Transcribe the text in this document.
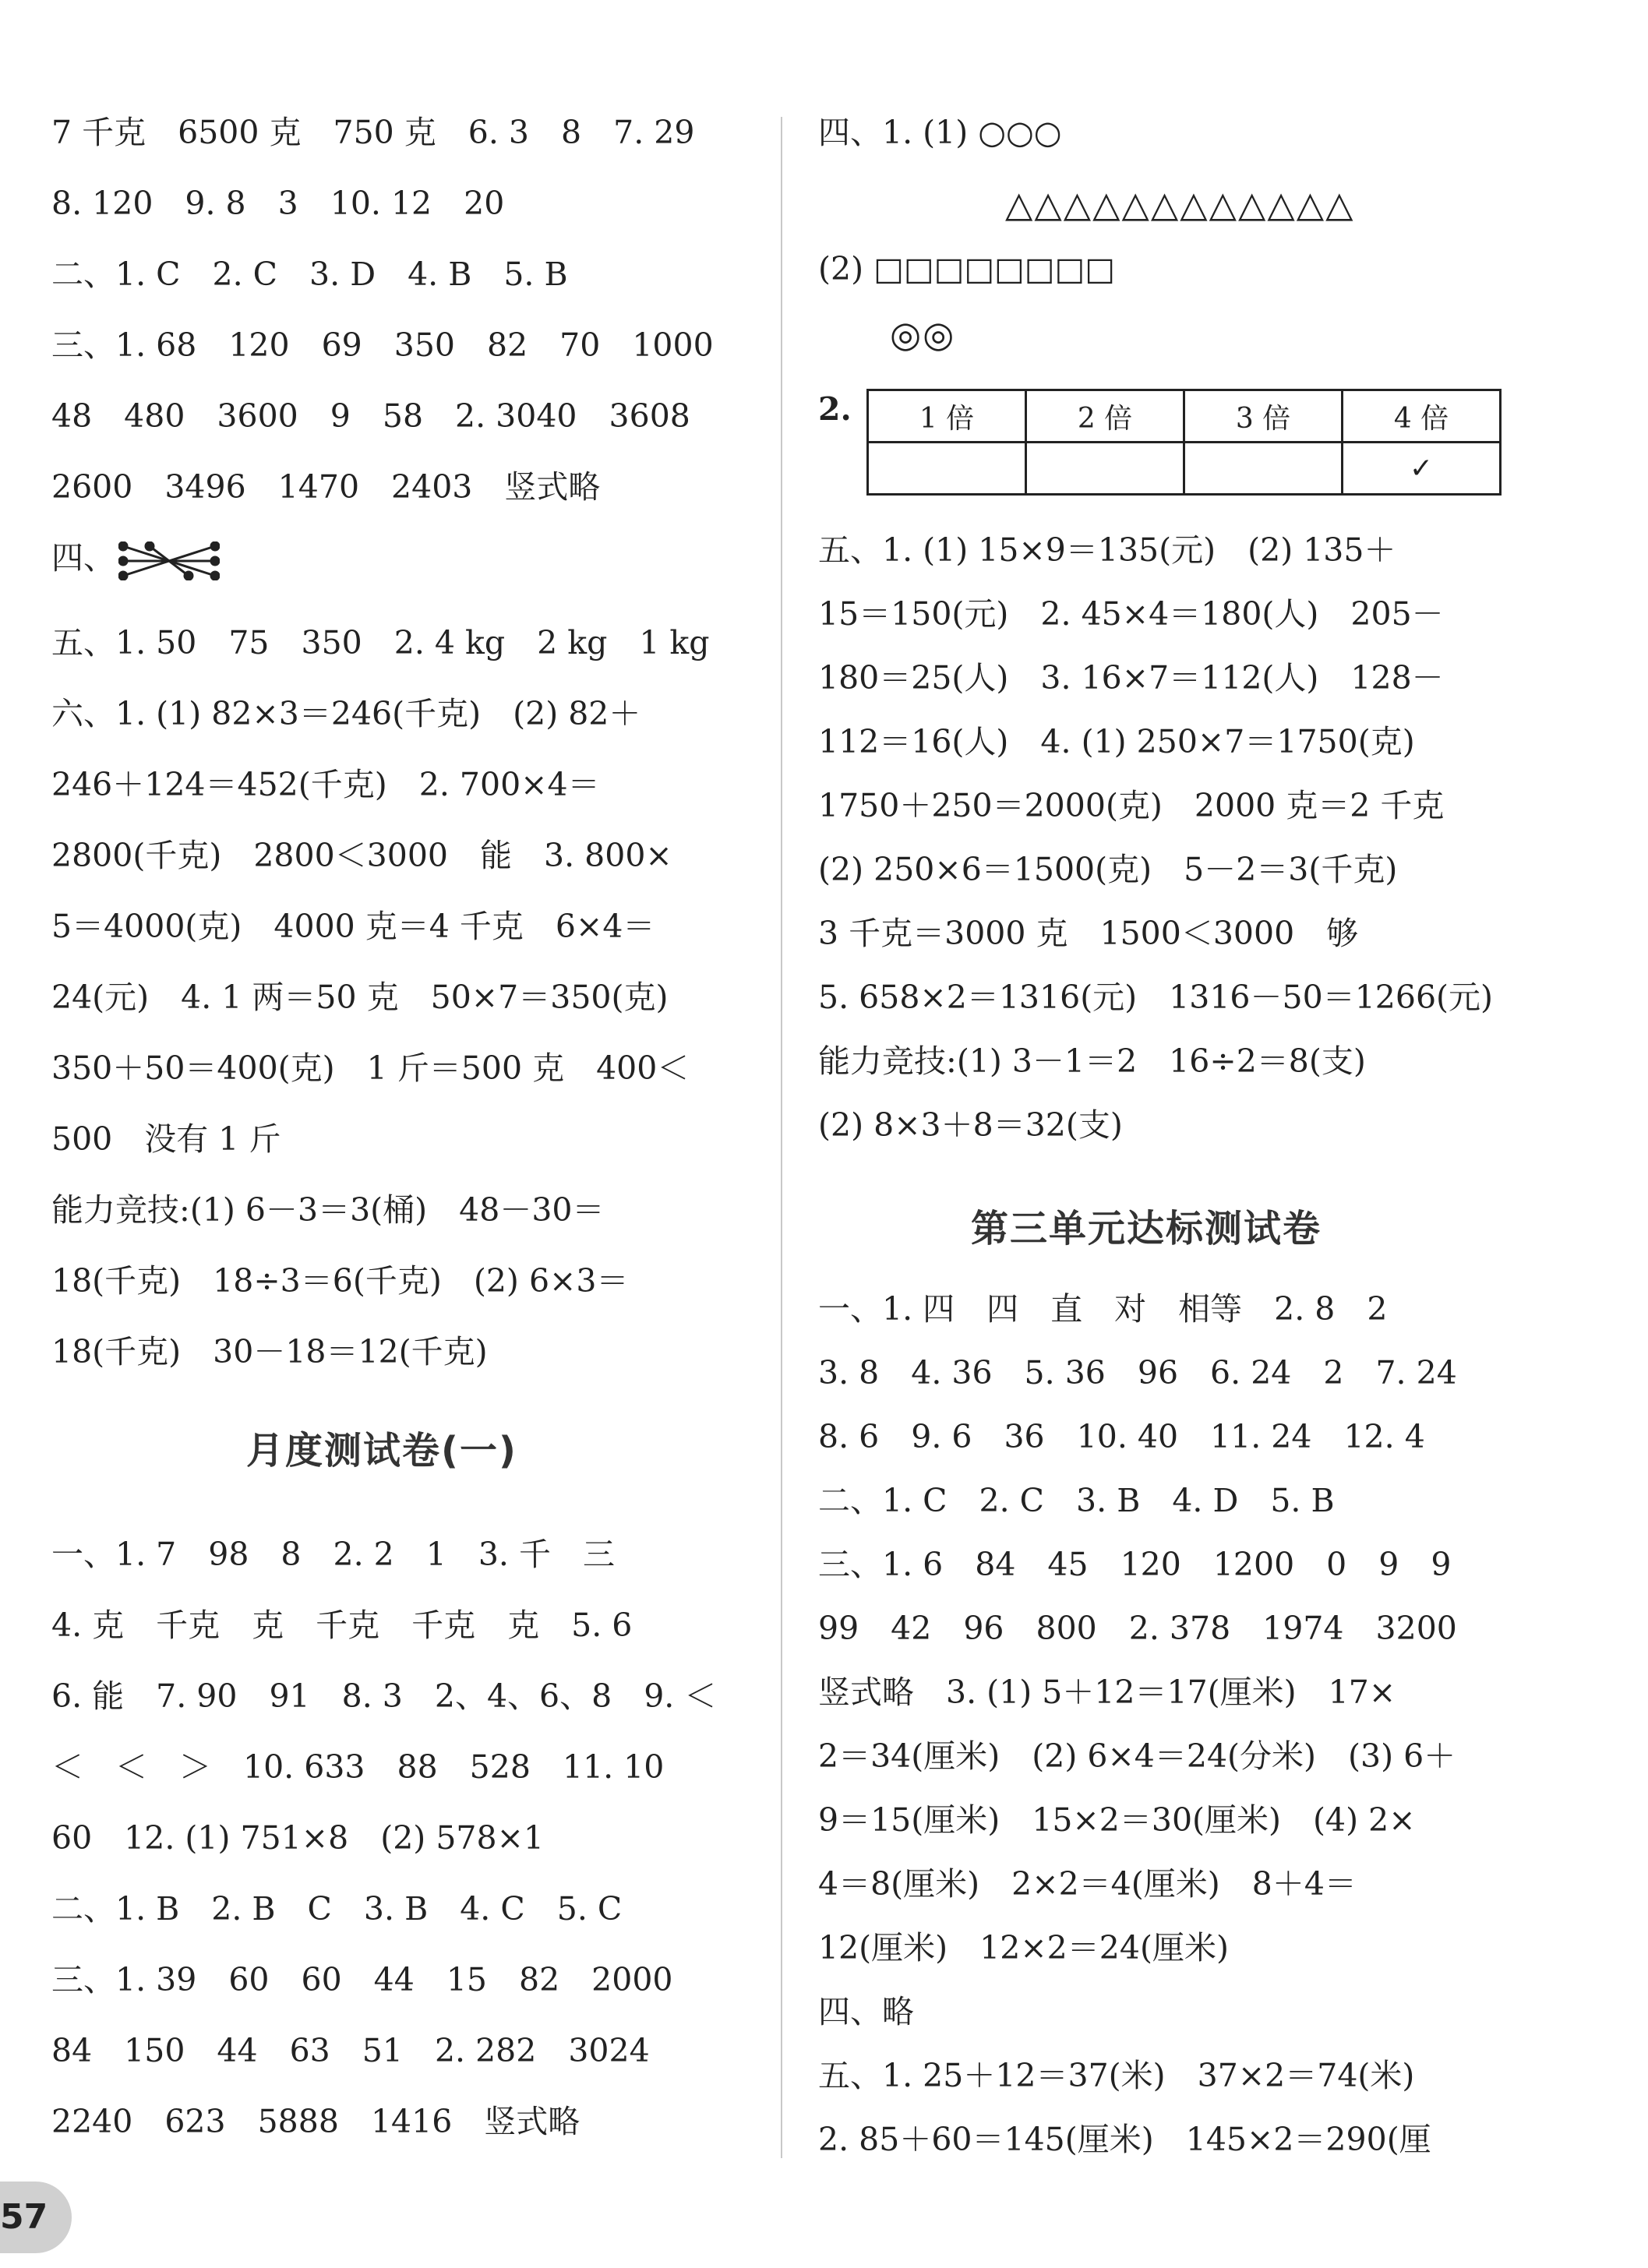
7 千克　6500 克　750 克　6. 3　8　7. 29
8. 120　9. 8　3　10. 12　20
二、1. C　2. C　3. D　4. B　5. B
三、1. 68　120　69　350　82　70　1000
48　480　3600　9　58　2. 3040　3608
2600　3496　1470　2403　竖式略
四、
五、1. 50　75　350　2. 4 kg　2 kg　1 kg
六、1. (1) 82×3＝246(千克)　(2) 82＋
246＋124＝452(千克)　2. 700×4＝
2800(千克)　2800＜3000　能　3. 800×
5＝4000(克)　4000 克＝4 千克　6×4＝
24(元)　4. 1 两＝50 克　50×7＝350(克)
350＋50＝400(克)　1 斤＝500 克　400＜
500　没有 1 斤
能力竞技:(1) 6－3＝3(桶)　48－30＝
18(千克)　18÷3＝6(千克)　(2) 6×3＝
18(千克)　30－18＝12(千克)
月度测试卷(一)
一、1. 7　98　8　2. 2　1　3. 千　三
4. 克　千克　克　千克　千克　克　5. 6
6. 能　7. 90　91　8. 3　2、4、6、8　9. ＜
＜　＜　＞　10. 633　88　528　11. 10
60　12. (1) 751×8　(2) 578×1
二、1. B　2. B　C　3. B　4. C　5. C
三、1. 39　60　60　44　15　82　2000
84　150　44　63　51　2. 282　3024
2240　623　5888　1416　竖式略
四、1. (1) ○○○
△△△△△△△△△△△△
(2) □□□□□□□□
◎◎
2. 1 倍	2 倍	3 倍	4 倍
			✓
五、1. (1) 15×9＝135(元)　(2) 135＋
15＝150(元)　2. 45×4＝180(人)　205－
180＝25(人)　3. 16×7＝112(人)　128－
112＝16(人)　4. (1) 250×7＝1750(克)
1750＋250＝2000(克)　2000 克＝2 千克
(2) 250×6＝1500(克)　5－2＝3(千克)
3 千克＝3000 克　1500＜3000　够
5. 658×2＝1316(元)　1316－50＝1266(元)
能力竞技:(1) 3－1＝2　16÷2＝8(支)
(2) 8×3＋8＝32(支)
第三单元达标测试卷
一、1. 四　四　直　对　相等　2. 8　2
3. 8　4. 36　5. 36　96　6. 24　2　7. 24
8. 6　9. 6　36　10. 40　11. 24　12. 4
二、1. C　2. C　3. B　4. D　5. B
三、1. 6　84　45　120　1200　0　9　9
99　42　96　800　2. 378　1974　3200
竖式略　3. (1) 5＋12＝17(厘米)　17×
2＝34(厘米)　(2) 6×4＝24(分米)　(3) 6＋
9＝15(厘米)　15×2＝30(厘米)　(4) 2×
4＝8(厘米)　2×2＝4(厘米)　8＋4＝
12(厘米)　12×2＝24(厘米)
四、略
五、1. 25＋12＝37(米)　37×2＝74(米)
2. 85＋60＝145(厘米)　145×2＝290(厘
57
